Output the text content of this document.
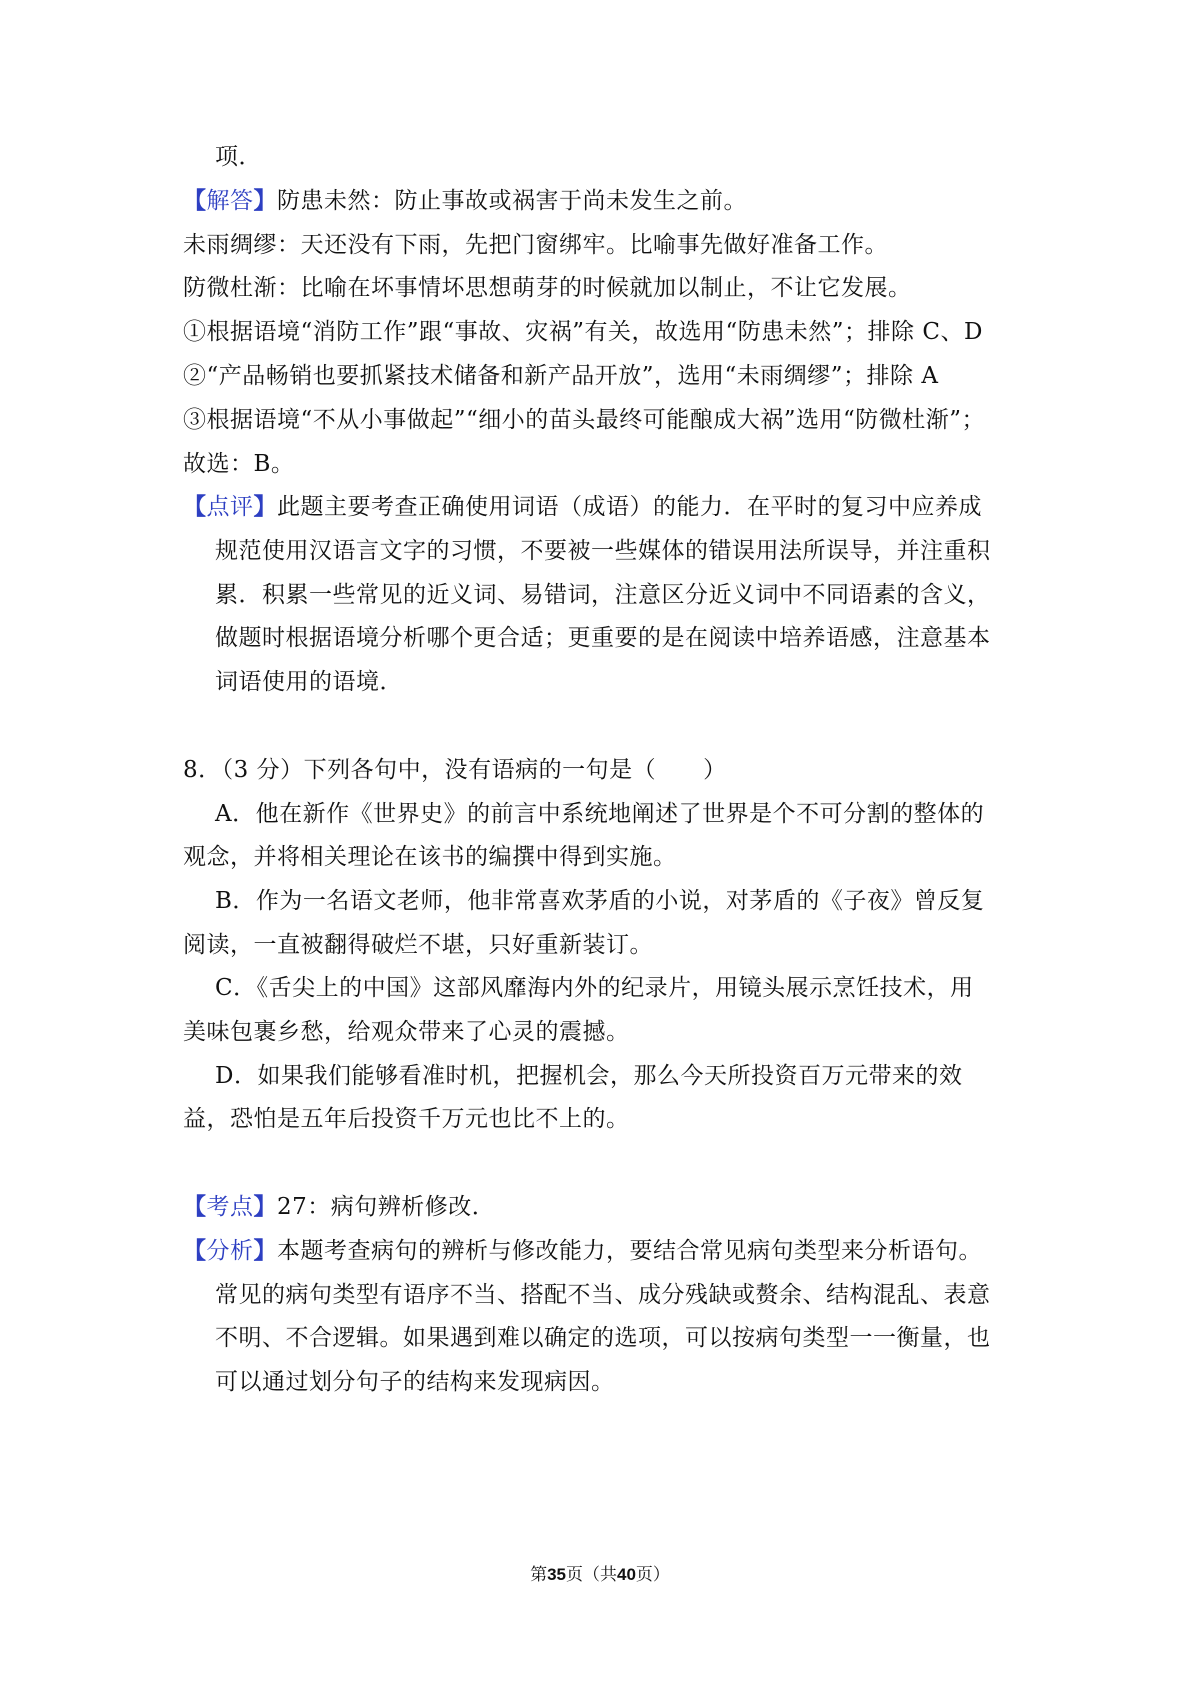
项．
【解答】防患未然：防止事故或祸害于尚未发生之前。
未雨绸缪：天还没有下雨，先把门窗绑牢。比喻事先做好准备工作。
防微杜渐：比喻在坏事情坏思想萌芽的时候就加以制止，不让它发展。
①根据语境“消防工作”跟“事故、灾祸”有关，故选用“防患未然”；排除 C、D
②“产品畅销也要抓紧技术储备和新产品开放”，选用“未雨绸缪”；排除 A
③根据语境“不从小事做起”“细小的苗头最终可能酿成大祸”选用“防微杜渐”；
故选：B。
【点评】此题主要考查正确使用词语（成语）的能力．在平时的复习中应养成
规范使用汉语言文字的习惯，不要被一些媒体的错误用法所误导，并注重积
累．积累一些常见的近义词、易错词，注意区分近义词中不同语素的含义，
做题时根据语境分析哪个更合适；更重要的是在阅读中培养语感，注意基本
词语使用的语境．
8．（3 分）下列各句中，没有语病的一句是（　　）
A．他在新作《世界史》的前言中系统地阐述了世界是个不可分割的整体的
观念，并将相关理论在该书的编撰中得到实施。
B．作为一名语文老师，他非常喜欢茅盾的小说，对茅盾的《子夜》曾反复
阅读，一直被翻得破烂不堪，只好重新装订。
C．《舌尖上的中国》这部风靡海内外的纪录片，用镜头展示烹饪技术，用
美味包裹乡愁，给观众带来了心灵的震撼。
D．如果我们能够看准时机，把握机会，那么今天所投资百万元带来的效
益，恐怕是五年后投资千万元也比不上的。
【考点】27：病句辨析修改．
【分析】本题考查病句的辨析与修改能力，要结合常见病句类型来分析语句。
常见的病句类型有语序不当、搭配不当、成分残缺或赘余、结构混乱、表意
不明、不合逻辑。如果遇到难以确定的选项，可以按病句类型一一衡量，也
可以通过划分句子的结构来发现病因。
第35页（共40页）
